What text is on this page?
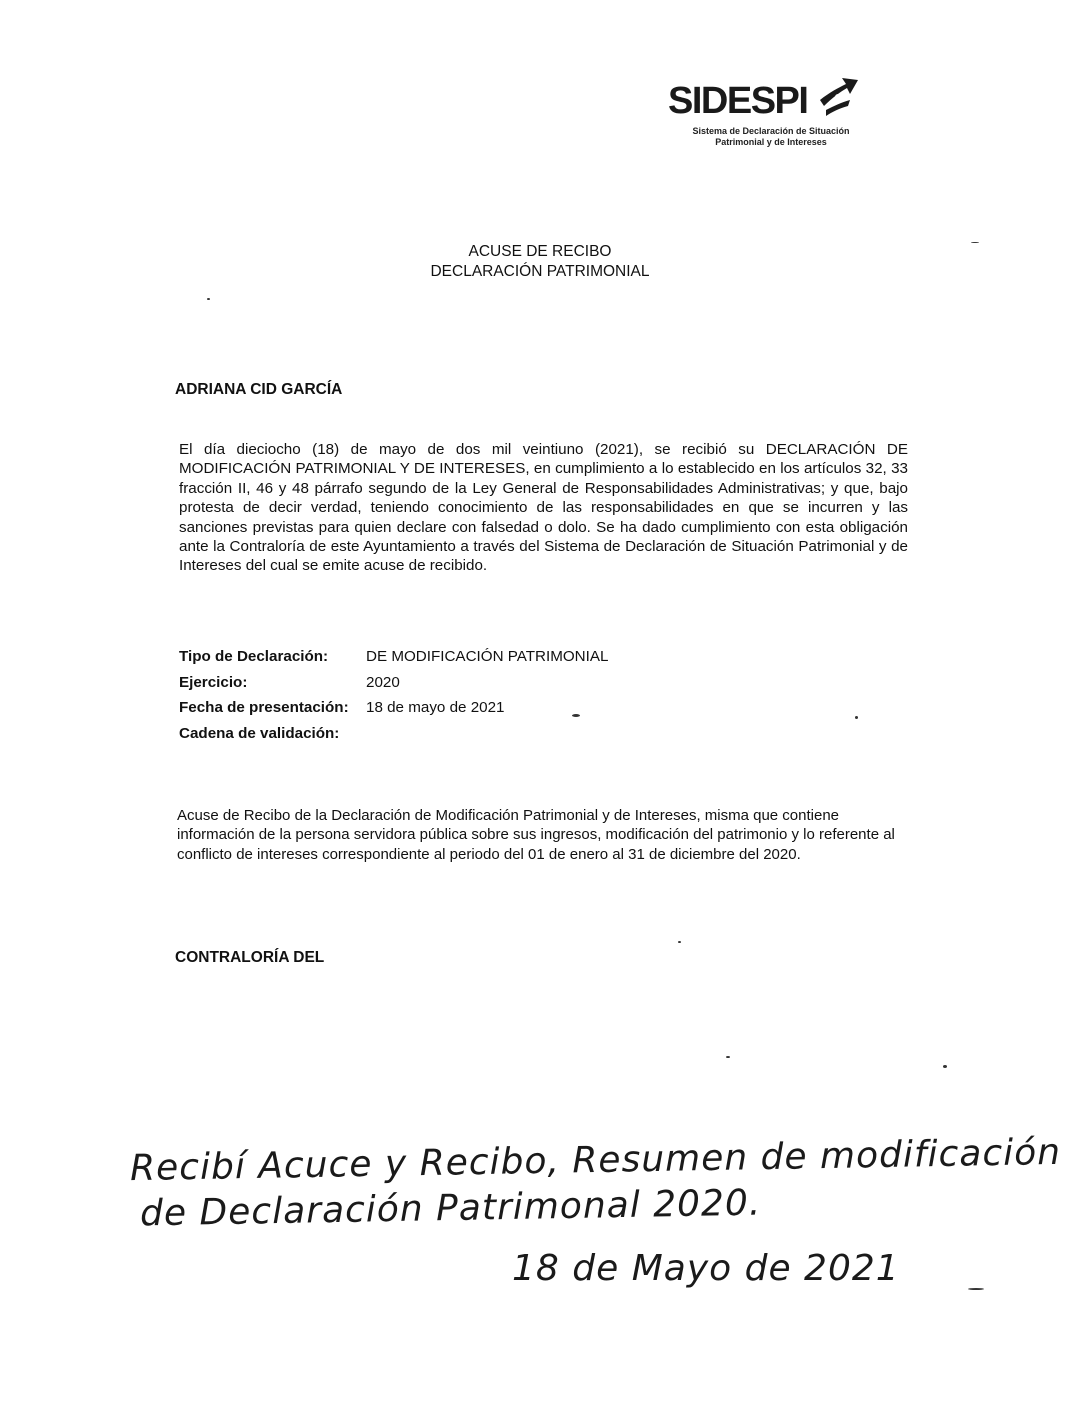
SIDESPI
Sistema de Declaración de Situación
Patrimonial y de Intereses
ACUSE DE RECIBO
DECLARACIÓN PATRIMONIAL
ADRIANA CID GARCÍA
El día dieciocho (18) de mayo de dos mil veintiuno (2021), se recibió su DECLARACIÓN DE MODIFICACIÓN PATRIMONIAL Y DE INTERESES, en cumplimiento a lo establecido en los artículos 32, 33 fracción II, 46 y 48 párrafo segundo de la Ley General de Responsabilidades Administrativas; y que, bajo protesta de decir verdad, teniendo conocimiento de las responsabilidades en que se incurren y las sanciones previstas para quien declare con falsedad o dolo. Se ha dado cumplimiento con esta obligación ante la Contraloría de este Ayuntamiento a través del Sistema de Declaración de Situación Patrimonial y de Intereses del cual se emite acuse de recibido.
Tipo de Declaración: DE MODIFICACIÓN PATRIMONIAL
Ejercicio:	2020
Fecha de presentación: 18 de mayo de 2021
Cadena de validación:
Acuse de Recibo de la Declaración de Modificación Patrimonial y de Intereses, misma que contiene información de la persona servidora pública sobre sus ingresos, modificación del patrimonio y lo referente al conflicto de intereses correspondiente al periodo del 01 de enero al 31 de diciembre del 2020.
CONTRALORÍA DEL
Recibí Acuce y Recibo, Resumen de modificación
de Declaración Patrimonal 2020.
18 de Mayo de 2021
